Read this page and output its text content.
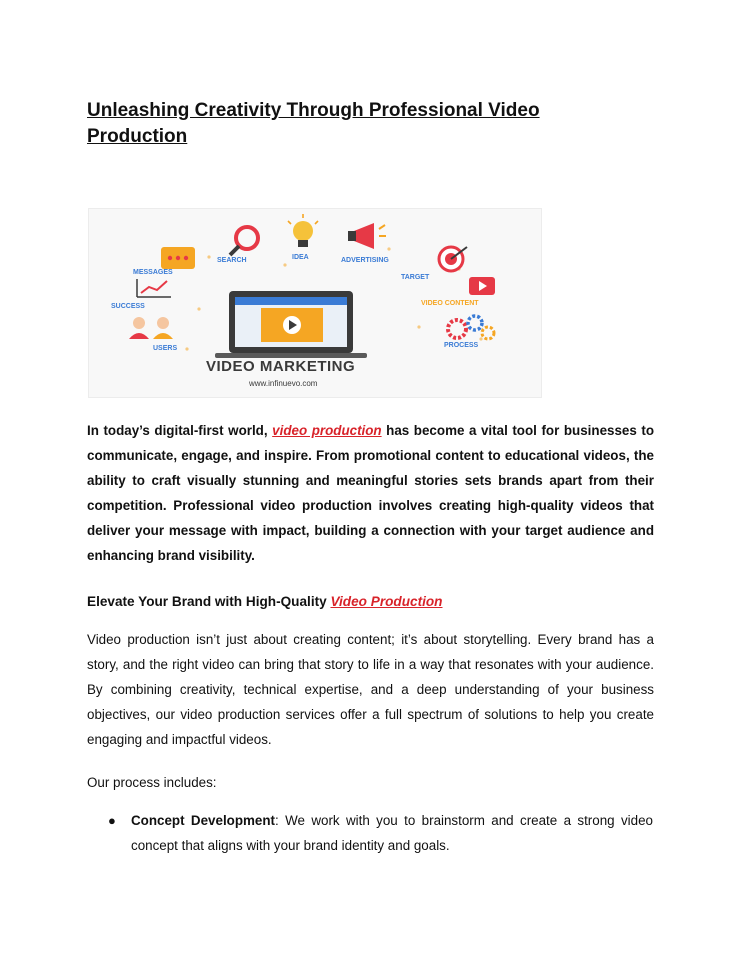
Unleashing Creativity Through Professional Video Production
MESSAGES
SEARCH	IDEA	ADVERTISING
TARGET
SUCCESS
USERS
VIDEO CONTENT
PROCESS
VIDEO MARKETING
www.infinuevo.com

In today’s digital-first world, video production has become a vital tool for businesses to communicate, engage, and inspire. From promotional content to educational videos, the ability to craft visually stunning and meaningful stories sets brands apart from their competition. Professional video production involves creating high-quality videos that deliver your message with impact, building a connection with your target audience and enhancing brand visibility.

Elevate Your Brand with High-Quality Video Production

Video production isn’t just about creating content; it’s about storytelling. Every brand has a story, and the right video can bring that story to life in a way that resonates with your audience. By combining creativity, technical expertise, and a deep understanding of your business objectives, our video production services offer a full spectrum of solutions to help you create engaging and impactful videos.

Our process includes:

● Concept Development: We work with you to brainstorm and create a strong video concept that aligns with your brand identity and goals.
